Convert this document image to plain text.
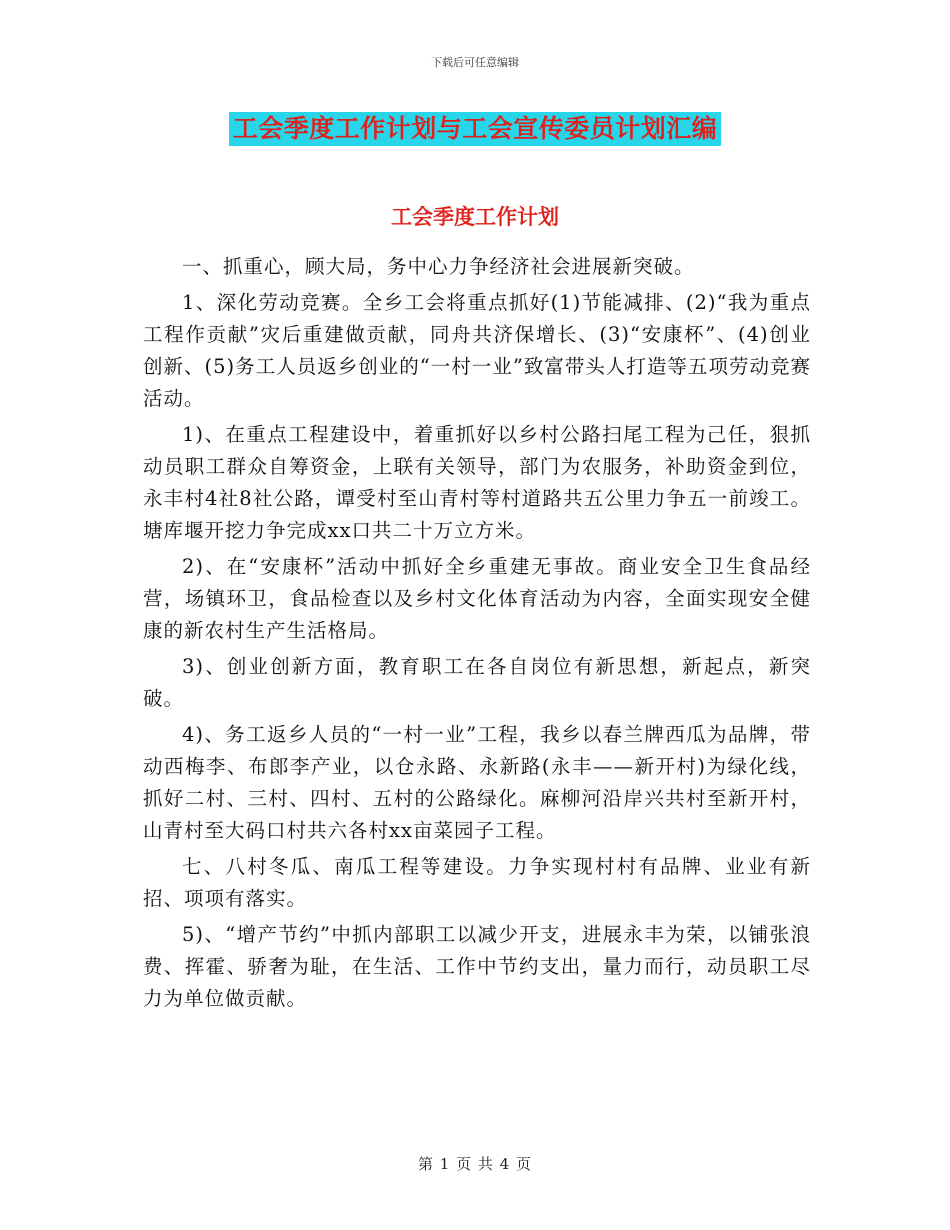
下载后可任意编辑
工会季度工作计划与工会宣传委员计划汇编
工会季度工作计划

一、抓重心，顾大局，务中心力争经济社会进展新突破。

1、深化劳动竞赛。全乡工会将重点抓好(1)节能减排、(2)“我为重点工程作贡献”灾后重建做贡献，同舟共济保增长、(3)“安康杯”、(4)创业创新、(5)务工人员返乡创业的“一村一业”致富带头人打造等五项劳动竞赛活动。

1)、在重点工程建设中，着重抓好以乡村公路扫尾工程为己任，狠抓动员职工群众自筹资金，上联有关领导，部门为农服务，补助资金到位，永丰村4社8社公路，谭受村至山青村等村道路共五公里力争五一前竣工。塘库堰开挖力争完成xx口共二十万立方米。

2)、在“安康杯”活动中抓好全乡重建无事故。商业安全卫生食品经营，场镇环卫，食品检查以及乡村文化体育活动为内容，全面实现安全健康的新农村生产生活格局。

3)、创业创新方面，教育职工在各自岗位有新思想，新起点，新突破。

4)、务工返乡人员的“一村一业”工程，我乡以春兰牌西瓜为品牌，带动西梅李、布郎李产业，以仓永路、永新路(永丰——新开村)为绿化线，抓好二村、三村、四村、五村的公路绿化。麻柳河沿岸兴共村至新开村，山青村至大码口村共六各村xx亩菜园子工程。

七、八村冬瓜、南瓜工程等建设。力争实现村村有品牌、业业有新招、项项有落实。

5)、“增产节约”中抓内部职工以减少开支，进展永丰为荣，以铺张浪费、挥霍、骄奢为耻，在生活、工作中节约支出，量力而行，动员职工尽力为单位做贡献。

第 1 页 共 4 页
